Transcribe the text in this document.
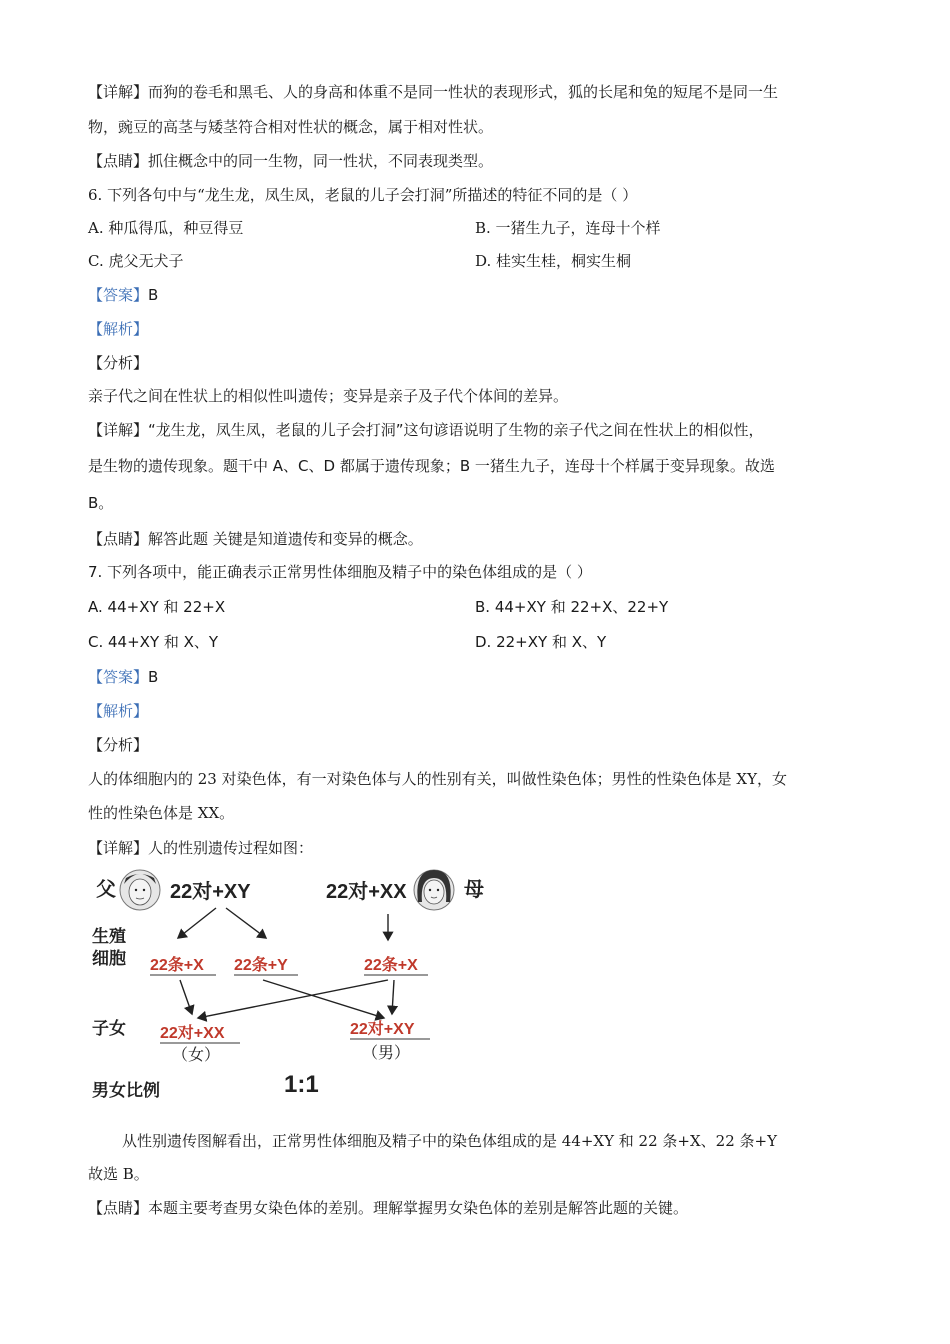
【详解】而狗的卷毛和黑毛、人的身高和体重不是同一性状的表现形式，狐的长尾和兔的短尾不是同一生
物，豌豆的高茎与矮茎符合相对性状的概念，属于相对性状。
【点睛】抓住概念中的同一生物，同一性状，不同表现类型。
6. 下列各句中与“龙生龙，凤生凤，老鼠的儿子会打洞”所描述的特征不同的是（ ）
A. 种瓜得瓜，种豆得豆	B. 一猪生九子，连母十个样
C. 虎父无犬子	D. 桂实生桂，桐实生桐
【答案】B
【解析】
【分析】
亲子代之间在性状上的相似性叫遗传；变异是亲子及子代个体间的差异。
【详解】“龙生龙，凤生凤，老鼠的儿子会打洞”这句谚语说明了生物的亲子代之间在性状上的相似性，
是生物的遗传现象。题干中 A、C、D 都属于遗传现象；B 一猪生九子，连母十个样属于变异现象。故选
B。
【点睛】解答此题 关键是知道遗传和变异的概念。
7. 下列各项中，能正确表示正常男性体细胞及精子中的染色体组成的是（ ）
A. 44+XY 和 22+X	B. 44+XY 和 22+X、22+Y
C. 44+XY 和 X、Y	D. 22+XY 和 X、Y
【答案】B
【解析】
【分析】
人的体细胞内的 23 对染色体，有一对染色体与人的性别有关，叫做性染色体；男性的性染色体是 XY，女
性的性染色体是 XX。
【详解】人的性别遗传过程如图：
父	22对+XY	22对+XX	母
生殖
细胞 22条+X 22条+Y	22条+X
子女 22对+XX
（女）
22对+XY
（男）
男女比例	1:1
从性别遗传图解看出，正常男性体细胞及精子中的染色体组成的是 44+XY 和 22 条+X、22 条+Y
故选 B。
【点睛】本题主要考查男女染色体的差别。理解掌握男女染色体的差别是解答此题的关键。
